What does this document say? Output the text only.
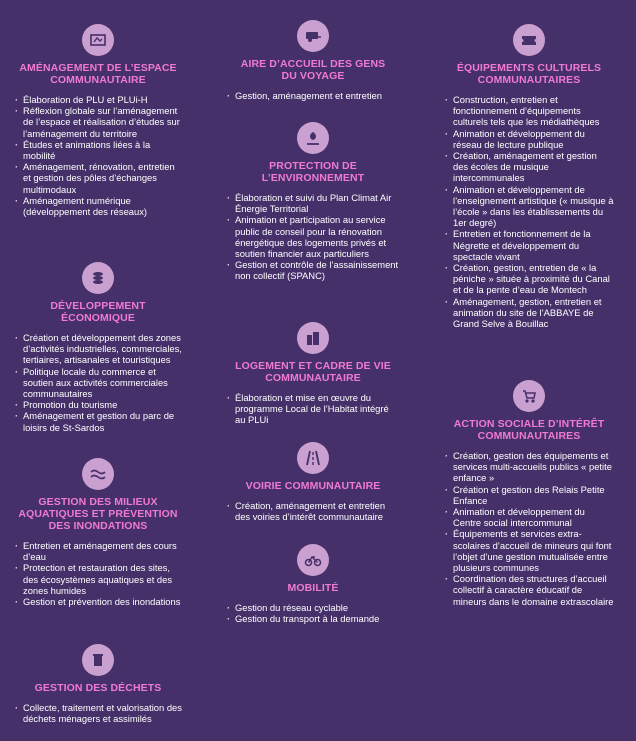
AMÉNAGEMENT DE L’ESPACE
COMMUNAUTAIRE
· Élaboration de PLU et PLUi-H
· Réflexion globale sur l’aménagement de l’espace et réalisation d’études sur l’aménagement du territoire
· Études et animations liées à la mobilité
· Aménagement, rénovation, entretien et gestion des pôles d’échanges multimodaux
· Aménagement numérique (développement des réseaux)
DÉVELOPPEMENT ÉCONOMIQUE
· Création et développement des zones d’activités industrielles, commerciales, tertiaires, artisanales et touristiques
· Politique locale du commerce et soutien aux activités commerciales communautaires
· Promotion du tourisme
· Aménagement et gestion du parc de loisirs de St-Sardos
GESTION DES MILIEUX
AQUATIQUES ET PRÉVENTION
DES INONDATIONS
· Entretien et aménagement des cours d’eau
· Protection et restauration des sites, des écosystèmes aquatiques et des zones humides
· Gestion et prévention des inondations
GESTION DES DÉCHETS
· Collecte, traitement et valorisation des déchets ménagers et assimilés
AIRE D’ACCUEIL DES GENS
DU VOYAGE
· Gestion, aménagement et entretien
PROTECTION DE
L’ENVIRONNEMENT
· Élaboration et suivi du Plan Climat Air Énergie Territorial
· Animation et participation au service public de conseil pour la rénovation énergétique des logements privés et soutien financier aux particuliers
· Gestion et contrôle de l’assainissement non collectif (SPANC)
LOGEMENT ET CADRE DE VIE
COMMUNAUTAIRE
· Élaboration et mise en œuvre du programme Local de l’Habitat intégré au PLUi
VOIRIE COMMUNAUTAIRE
· Création, aménagement et entretien des voiries d’intérêt communautaire
MOBILITÉ
· Gestion du réseau cyclable
· Gestion du transport à la demande
ÉQUIPEMENTS CULTURELS
COMMUNAUTAIRES
· Construction, entretien et fonctionnement d’équipements culturels tels que les médiathèques
· Animation et développement du réseau de lecture publique
· Création, aménagement et gestion des écoles de musique intercommunales
· Animation et développement de l’enseignement artistique (« musique à l’école » dans les établissements du 1er degré)
· Entretien et fonctionnement de la Négrette et développement du spectacle vivant
· Création, gestion, entretien de « la péniche » située à proximité du Canal et de la pente d’eau de Montech
· Aménagement, gestion, entretien et animation du site de l’ABBAYE de Grand Selve à Bouillac
ACTION SOCIALE D’INTÉRÊT
COMMUNAUTAIRES
· Création, gestion des équipements et services multi-accueils publics « petite enfance »
· Création et gestion des Relais Petite Enfance
· Animation et développement du Centre social intercommunal
· Équipements et services extra-scolaires d’accueil de mineurs qui font l’objet d’une gestion mutualisée entre plusieurs communes
· Coordination des structures d’accueil collectif à caractère éducatif de mineurs dans le domaine extrascolaire
